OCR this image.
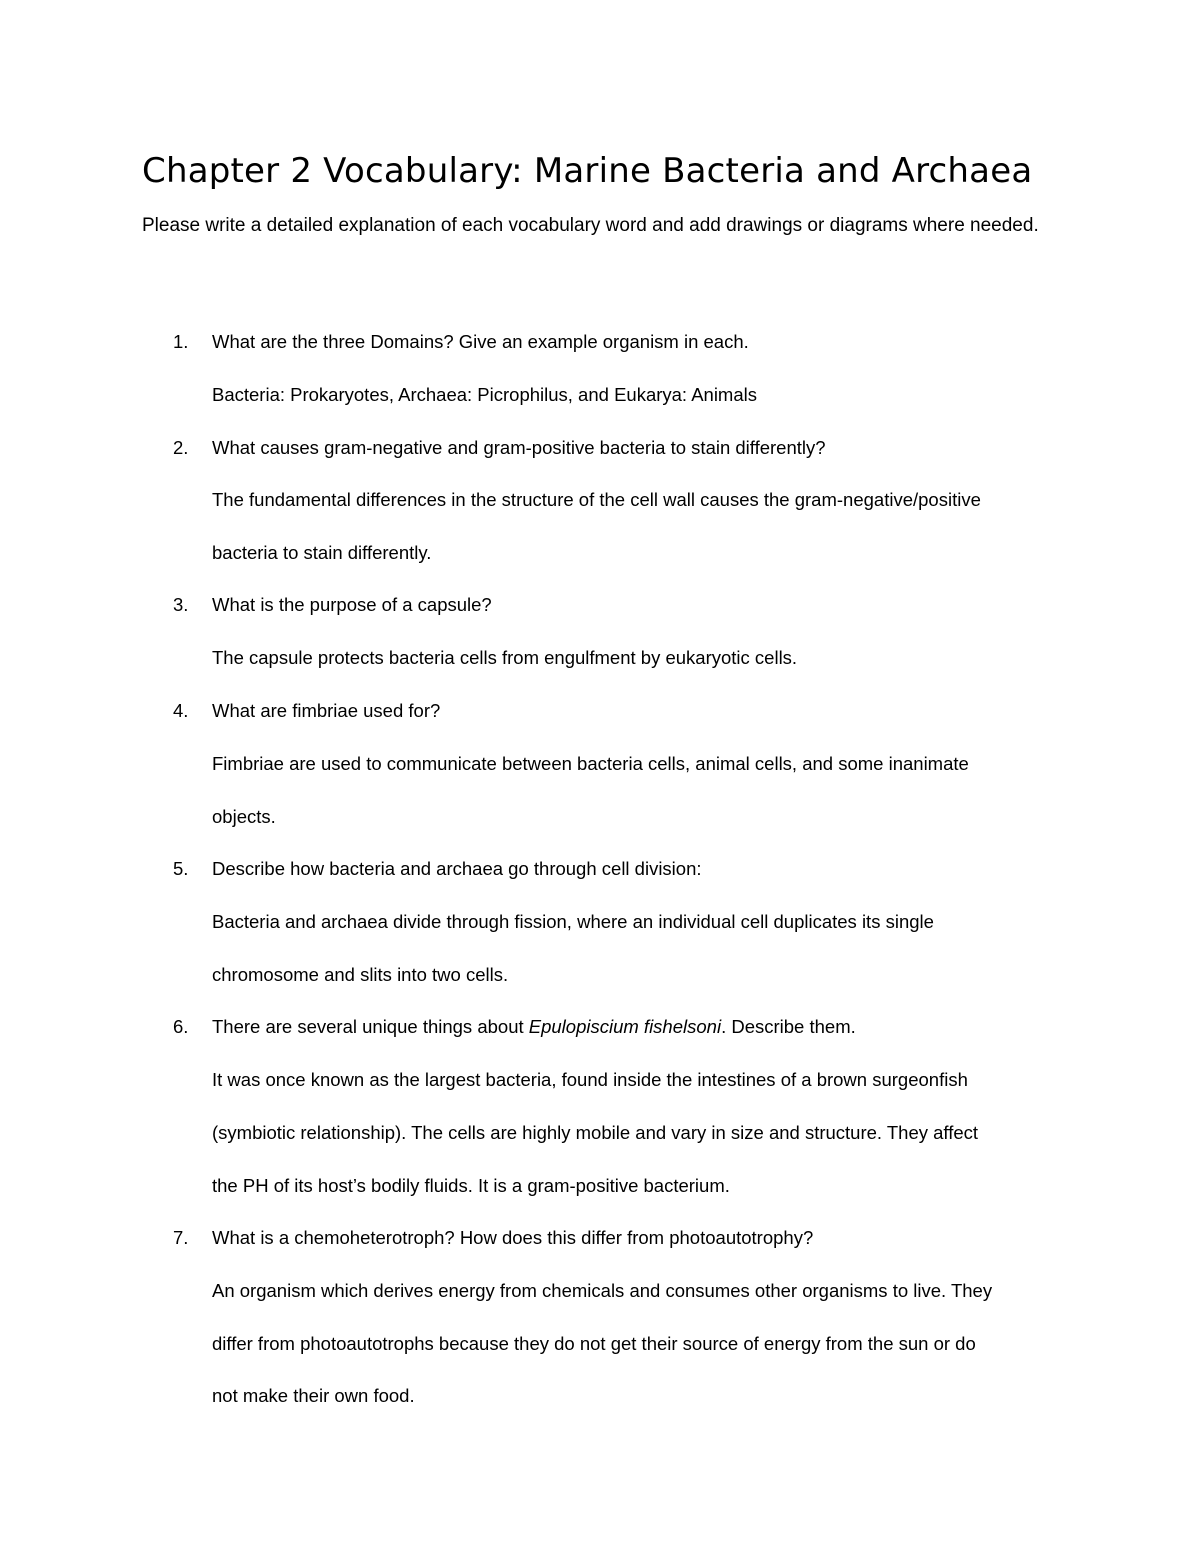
Chapter 2 Vocabulary: Marine Bacteria and Archaea

Please write a detailed explanation of each vocabulary word and add drawings or diagrams where needed.

1.	What are the three Domains? Give an example organism in each.
Bacteria: Prokaryotes, Archaea: Picrophilus, and Eukarya: Animals
2.	What causes gram-negative and gram-positive bacteria to stain differently?
The fundamental differences in the structure of the cell wall causes the gram-negative/positive
bacteria to stain differently.
3.	What is the purpose of a capsule?
The capsule protects bacteria cells from engulfment by eukaryotic cells.
4.	What are fimbriae used for?
Fimbriae are used to communicate between bacteria cells, animal cells, and some inanimate
objects.
5.	Describe how bacteria and archaea go through cell division:
Bacteria and archaea divide through fission, where an individual cell duplicates its single
chromosome and slits into two cells.
6.	There are several unique things about Epulopiscium fishelsoni. Describe them.
It was once known as the largest bacteria, found inside the intestines of a brown surgeonfish
(symbiotic relationship). The cells are highly mobile and vary in size and structure. They affect
the PH of its host’s bodily fluids. It is a gram-positive bacterium.
7.	What is a chemoheterotroph? How does this differ from photoautotrophy?
An organism which derives energy from chemicals and consumes other organisms to live. They
differ from photoautotrophs because they do not get their source of energy from the sun or do
not make their own food.
